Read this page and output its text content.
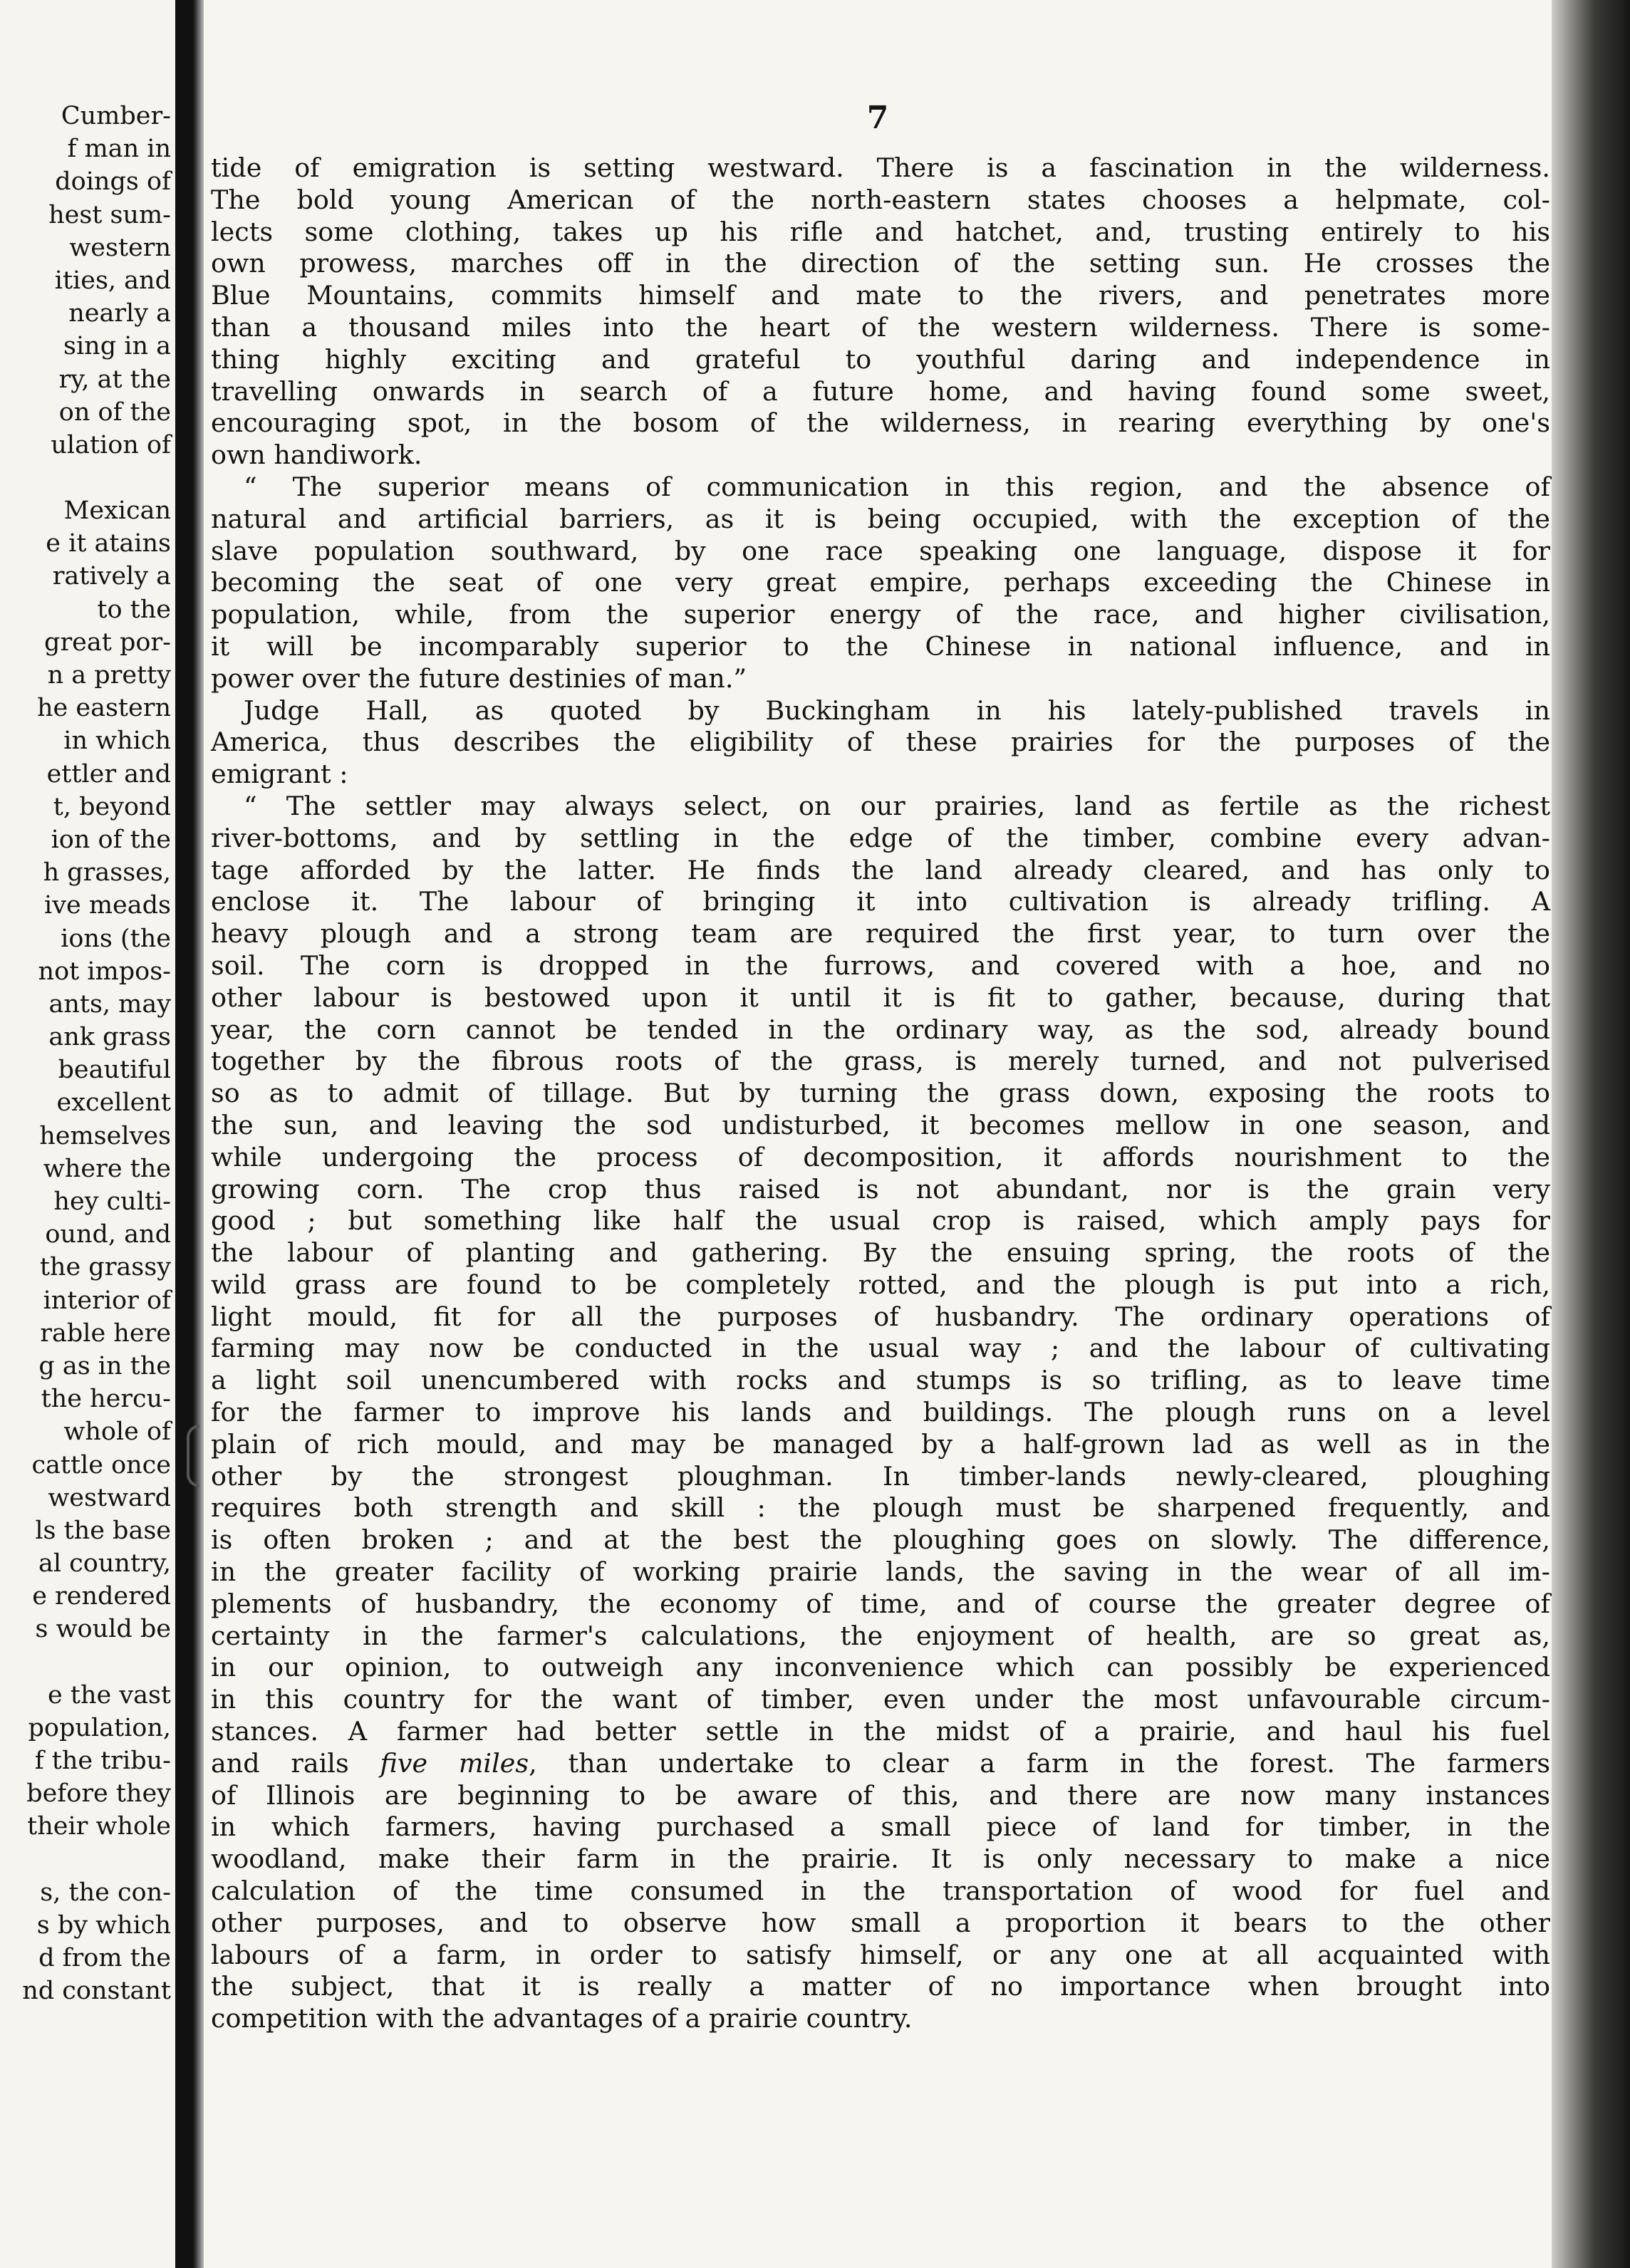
Cumber-
f man in
doings of
hest sum-
western
ities, and
nearly a
sing in a
ry, at the
on of the
ulation of
Mexican
e it atains
ratively a
to the
great por-
n a pretty
he eastern
in which
ettler and
t, beyond
ion of the
h grasses,
ive meads
ions (the
not impos-
ants, may
ank grass
beautiful
excellent
hemselves
where the
hey culti-
ound, and
the grassy
interior of
rable here
g as in the
the hercu-
whole of
cattle once
westward
ls the base
al country,
e rendered
s would be
e the vast
population,
f the tribu-
before they
their whole
s, the con-
s by which
d from the
nd constant
7

tide of emigration is setting westward. There is a fascination in the wilderness.

The bold young American of the north-eastern states chooses a helpmate, col-

lects some clothing, takes up his rifle and hatchet, and, trusting entirely to his

own prowess, marches off in the direction of the setting sun. He crosses the

Blue Mountains, commits himself and mate to the rivers, and penetrates more

than a thousand miles into the heart of the western wilderness. There is some-

thing highly exciting and grateful to youthful daring and independence in

travelling onwards in search of a future home, and having found some sweet,

encouraging spot, in the bosom of the wilderness, in rearing everything by one's

own handiwork.

“ The superior means of communication in this region, and the absence of

natural and artificial barriers, as it is being occupied, with the exception of the

slave population southward, by one race speaking one language, dispose it for

becoming the seat of one very great empire, perhaps exceeding the Chinese in

population, while, from the superior energy of the race, and higher civilisation,

it will be incomparably superior to the Chinese in national influence, and in

power over the future destinies of man.”

Judge Hall, as quoted by Buckingham in his lately-published travels in

America, thus describes the eligibility of these prairies for the purposes of the

emigrant :

“ The settler may always select, on our prairies, land as fertile as the richest

river-bottoms, and by settling in the edge of the timber, combine every advan-

tage afforded by the latter. He finds the land already cleared, and has only to

enclose it. The labour of bringing it into cultivation is already trifling. A

heavy plough and a strong team are required the first year, to turn over the

soil. The corn is dropped in the furrows, and covered with a hoe, and no

other labour is bestowed upon it until it is fit to gather, because, during that

year, the corn cannot be tended in the ordinary way, as the sod, already bound

together by the fibrous roots of the grass, is merely turned, and not pulverised

so as to admit of tillage. But by turning the grass down, exposing the roots to

the sun, and leaving the sod undisturbed, it becomes mellow in one season, and

while undergoing the process of decomposition, it affords nourishment to the

growing corn. The crop thus raised is not abundant, nor is the grain very

good ; but something like half the usual crop is raised, which amply pays for

the labour of planting and gathering. By the ensuing spring, the roots of the

wild grass are found to be completely rotted, and the plough is put into a rich,

light mould, fit for all the purposes of husbandry. The ordinary operations of

farming may now be conducted in the usual way ; and the labour of cultivating

a light soil unencumbered with rocks and stumps is so trifling, as to leave time

for the farmer to improve his lands and buildings. The plough runs on a level

plain of rich mould, and may be managed by a half-grown lad as well as in the

other by the strongest ploughman. In timber-lands newly-cleared, ploughing

requires both strength and skill : the plough must be sharpened frequently, and

is often broken ; and at the best the ploughing goes on slowly. The difference,

in the greater facility of working prairie lands, the saving in the wear of all im-

plements of husbandry, the economy of time, and of course the greater degree of

certainty in the farmer's calculations, the enjoyment of health, are so great as,

in our opinion, to outweigh any inconvenience which can possibly be experienced

in this country for the want of timber, even under the most unfavourable circum-

stances. A farmer had better settle in the midst of a prairie, and haul his fuel

and rails five miles, than undertake to clear a farm in the forest. The farmers

of Illinois are beginning to be aware of this, and there are now many instances

in which farmers, having purchased a small piece of land for timber, in the

woodland, make their farm in the prairie. It is only necessary to make a nice

calculation of the time consumed in the transportation of wood for fuel and

other purposes, and to observe how small a proportion it bears to the other

labours of a farm, in order to satisfy himself, or any one at all acquainted with

the subject, that it is really a matter of no importance when brought into

competition with the advantages of a prairie country.
